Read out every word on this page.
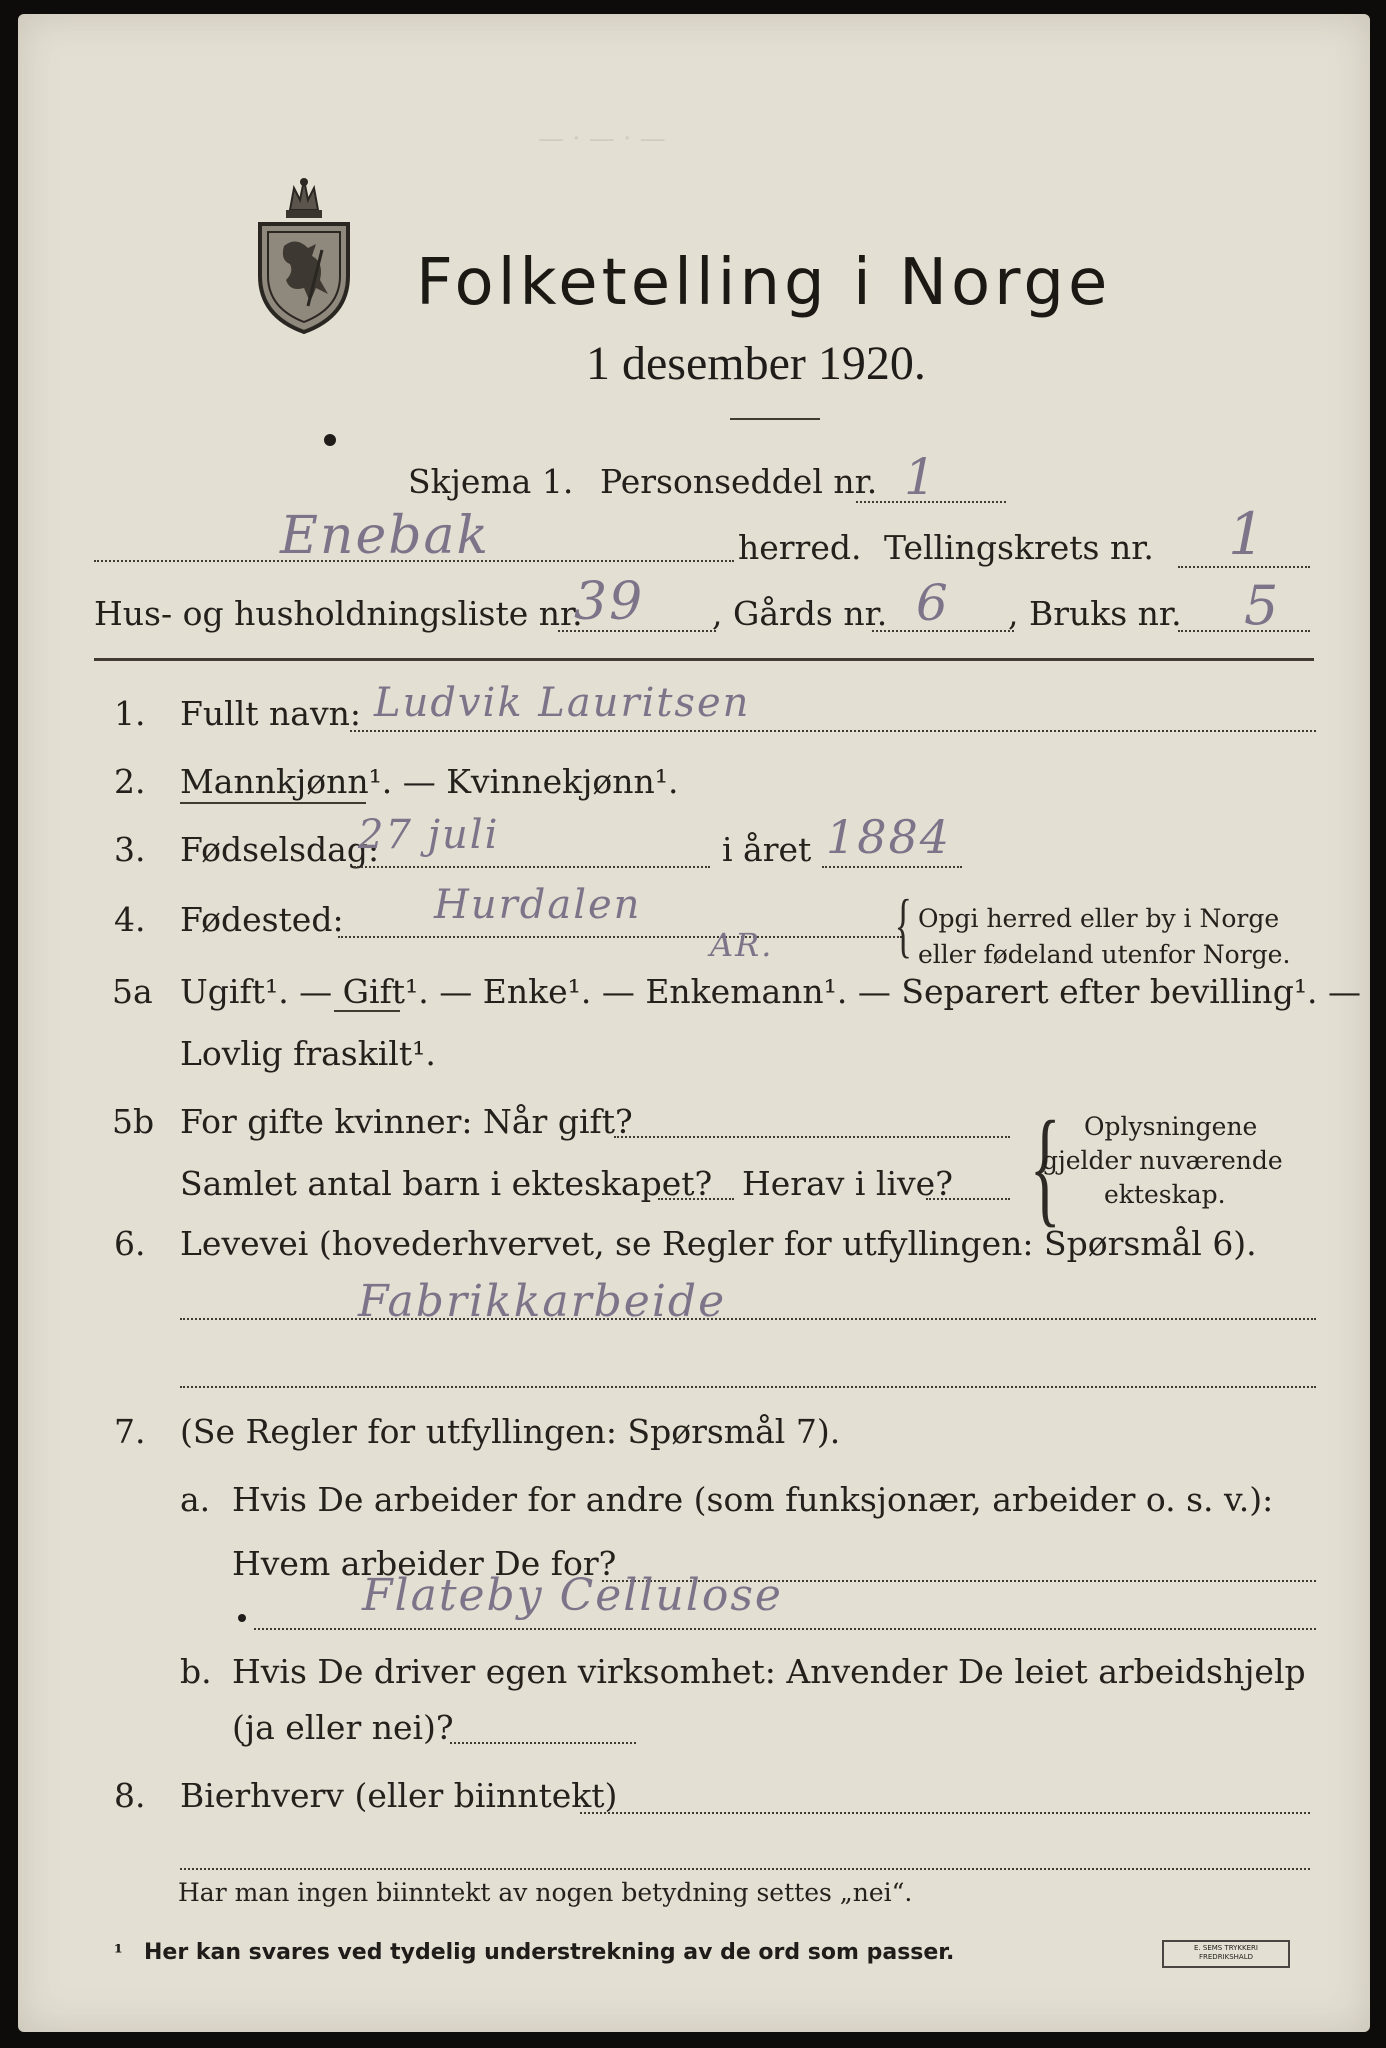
— · — · —
Folketelling i Norge
1 desember 1920.
Skjema 1. Personseddel nr. 1
Enebak	herred. Tellingskrets nr. 1
Hus- og husholdningsliste nr.
39 , Gårds nr. 6 , Bruks nr. 5
1. Fullt navn: Ludvik Lauritsen
2. Mannkjønn¹. — Kvinnekjønn¹.
3. Fødselsdag:
27 juli	i året 1884
4. Fødested: Hurdalen
AR. { Opgi herred eller by i Norge
eller fødeland utenfor Norge.
5a Ugift¹. — Gift¹. — Enke¹. — Enkemann¹. — Separert efter bevilling¹. —
Lovlig fraskilt¹.
5b For gifte kvinner: Når gift?
Samlet antal barn i ekteskapet? Herav i live? { Oplysningene
gjelder nuværende
ekteskap.
6. Levevei (hovederhvervet, se Regler for utfyllingen: Spørsmål 6).
Fabrikkarbeide
7. (Se Regler for utfyllingen: Spørsmål 7).
a. Hvis De arbeider for andre (som funksjonær, arbeider o. s. v.):
Hvem arbeider De for?
Flateby Cellulose
b. Hvis De driver egen virksomhet: Anvender De leiet arbeidshjelp
(ja eller nei)?
8. Bierhverv (eller biinntekt)
Har man ingen biinntekt av nogen betydning settes „nei“.
¹ Her kan svares ved tydelig understrekning av de ord som passer.	E. SEMS TRYKKERI
FREDRIKSHALD
